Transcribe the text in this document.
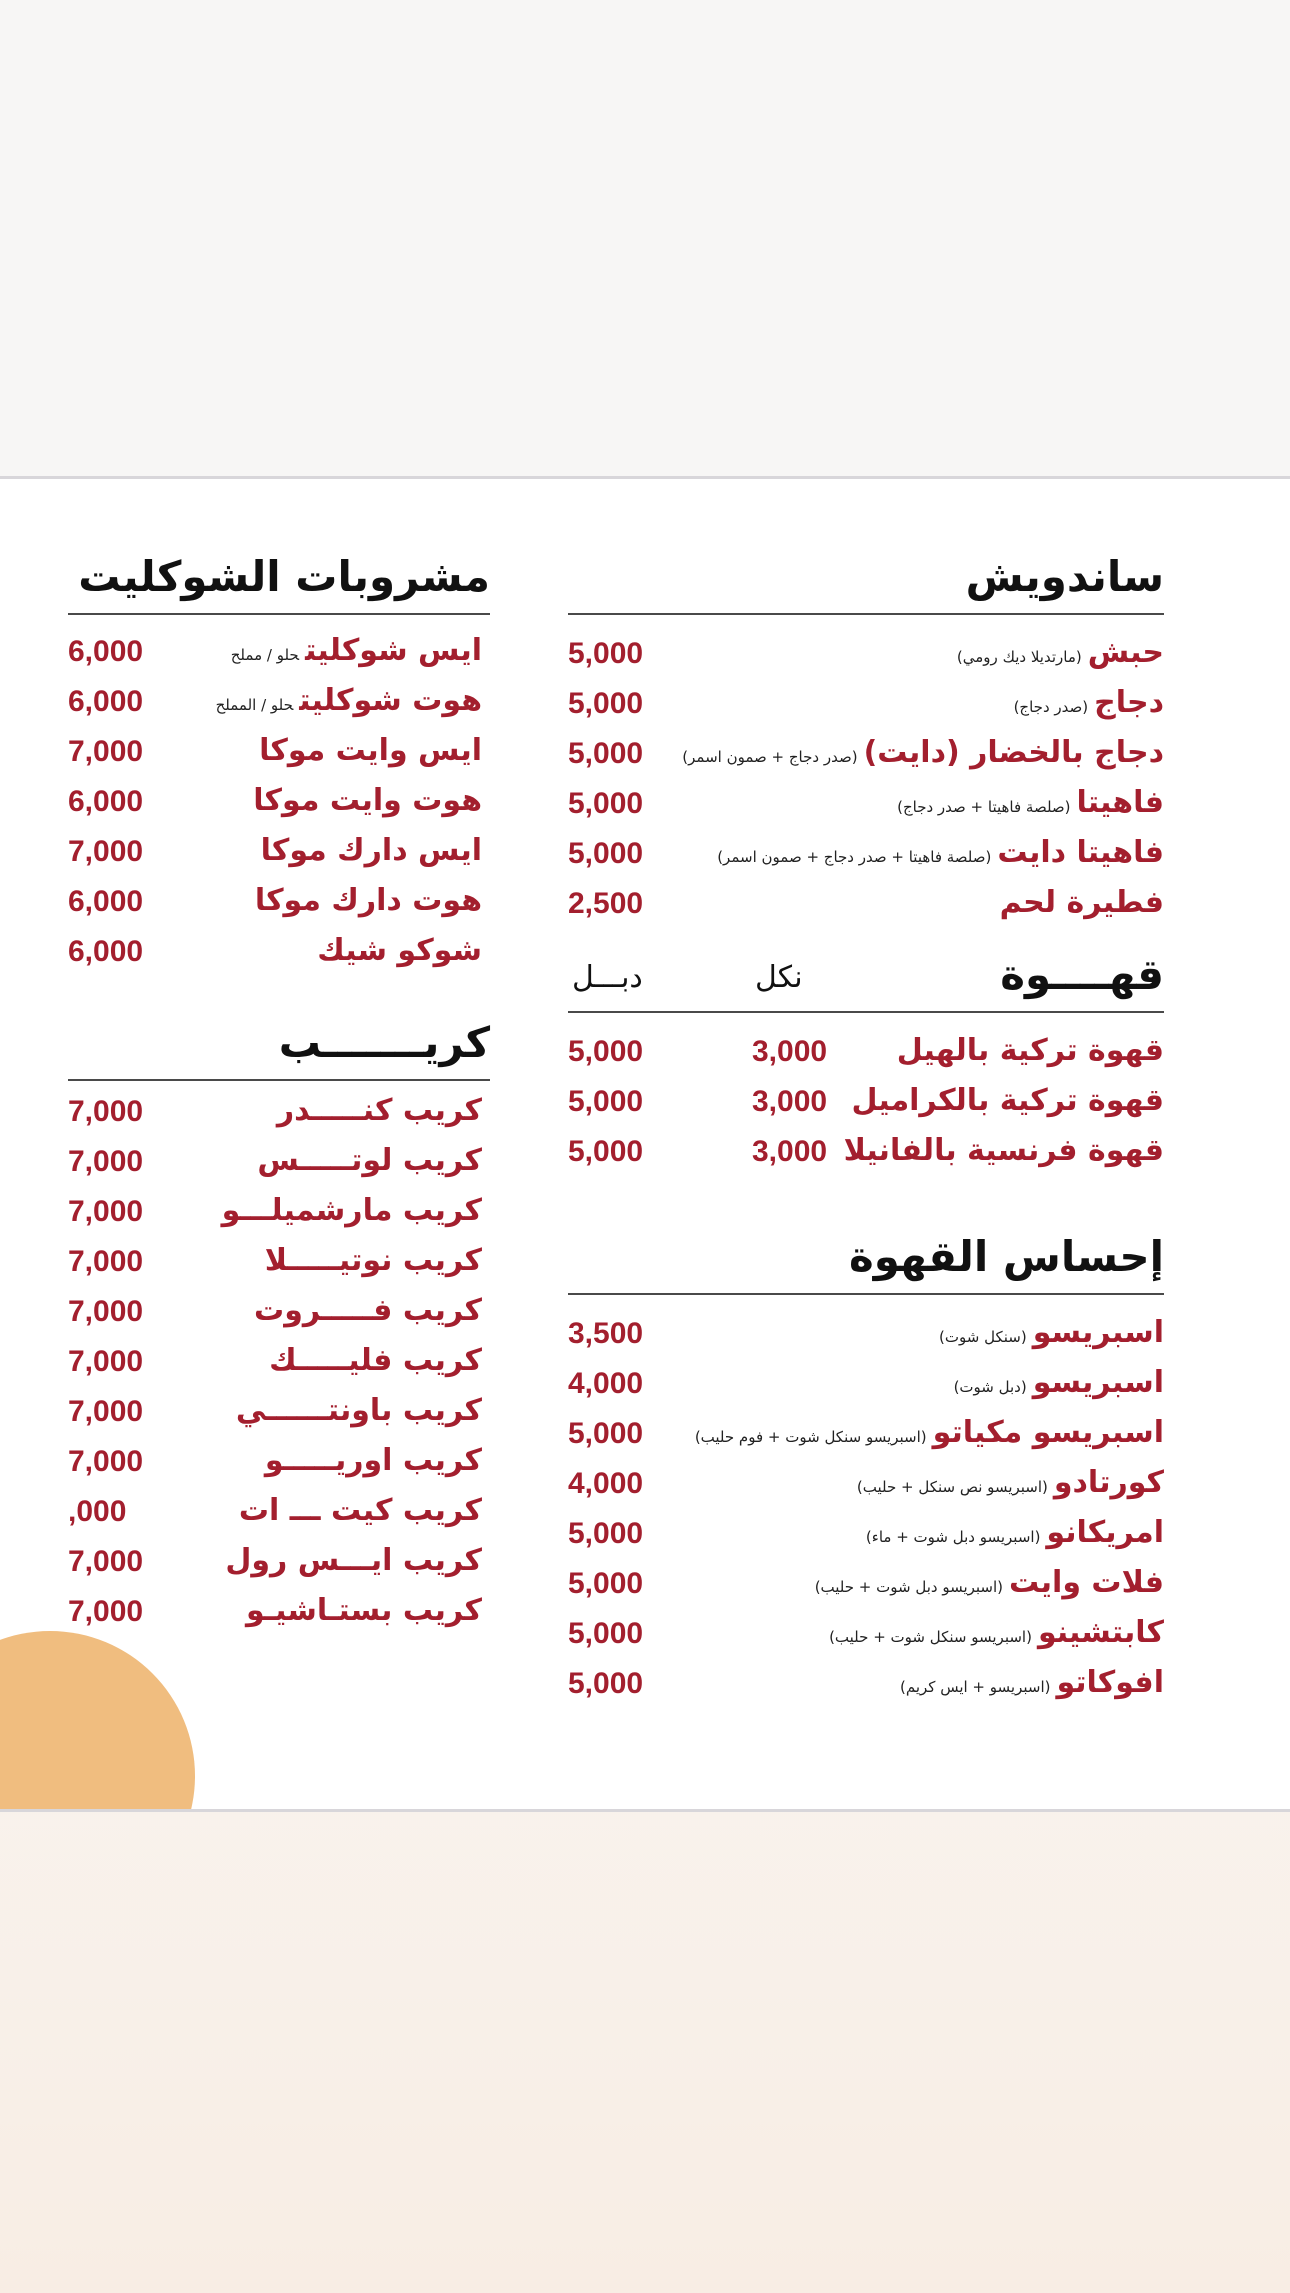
ساندويش
5,000	حبش(مارتديلا ديك رومي)
5,000	دجاج(صدر دجاج)
5,000	دجاج بالخضار (دايت)(صدر دجاج + صمون اسمر)
5,000	فاهيتا(صلصة فاهيتا + صدر دجاج)
5,000	فاهيتا دايت(صلصة فاهيتا + صدر دجاج + صمون اسمر)
2,500	فطيرة لحم
قهــــوة
نكل
دبـــل
5,000	3,000 قهوة تركية بالهيل
5,000	3,000 قهوة تركية بالكراميل
5,000	3,000 قهوة فرنسية بالفانيلا
إحساس القهوة
3,500	اسبريسو(سنكل شوت)
4,000	اسبريسو(دبل شوت)
5,000	اسبريسو مكياتو(اسبريسو سنكل شوت + فوم حليب)
4,000	كورتادو(اسبريسو نص سنكل + حليب)
5,000	امريكانو(اسبريسو دبل شوت + ماء)
5,000	فلات وايت(اسبريسو دبل شوت + حليب)
5,000	كابتشينو(اسبريسو سنكل شوت + حليب)
5,000	افوكاتو(اسبريسو + ايس كريم)
مشروبات الشوكليت
6,000	ايس شوكليتحلو / مملح
6,000	هوت شوكليتحلو / المملح
7,000	ايس وايت موكا
6,000	هوت وايت موكا
7,000	ايس دارك موكا
6,000	هوت دارك موكا
6,000	شوكو شيك
كريـــــــب
7,000	كريب كنـــــدر
7,000	كريب لوتـــــس
7,000	كريب مارشميلـــو
7,000	كريب نوتيـــــلا
7,000	كريب فـــــروت
7,000	كريب فليـــــك
7,000	كريب باونتــــــي
7,000	كريب اوريـــــو
,000	كريب كيت ـــ ات
7,000	كريب ايـــس رول
7,000	كريب بستـاشيـو
